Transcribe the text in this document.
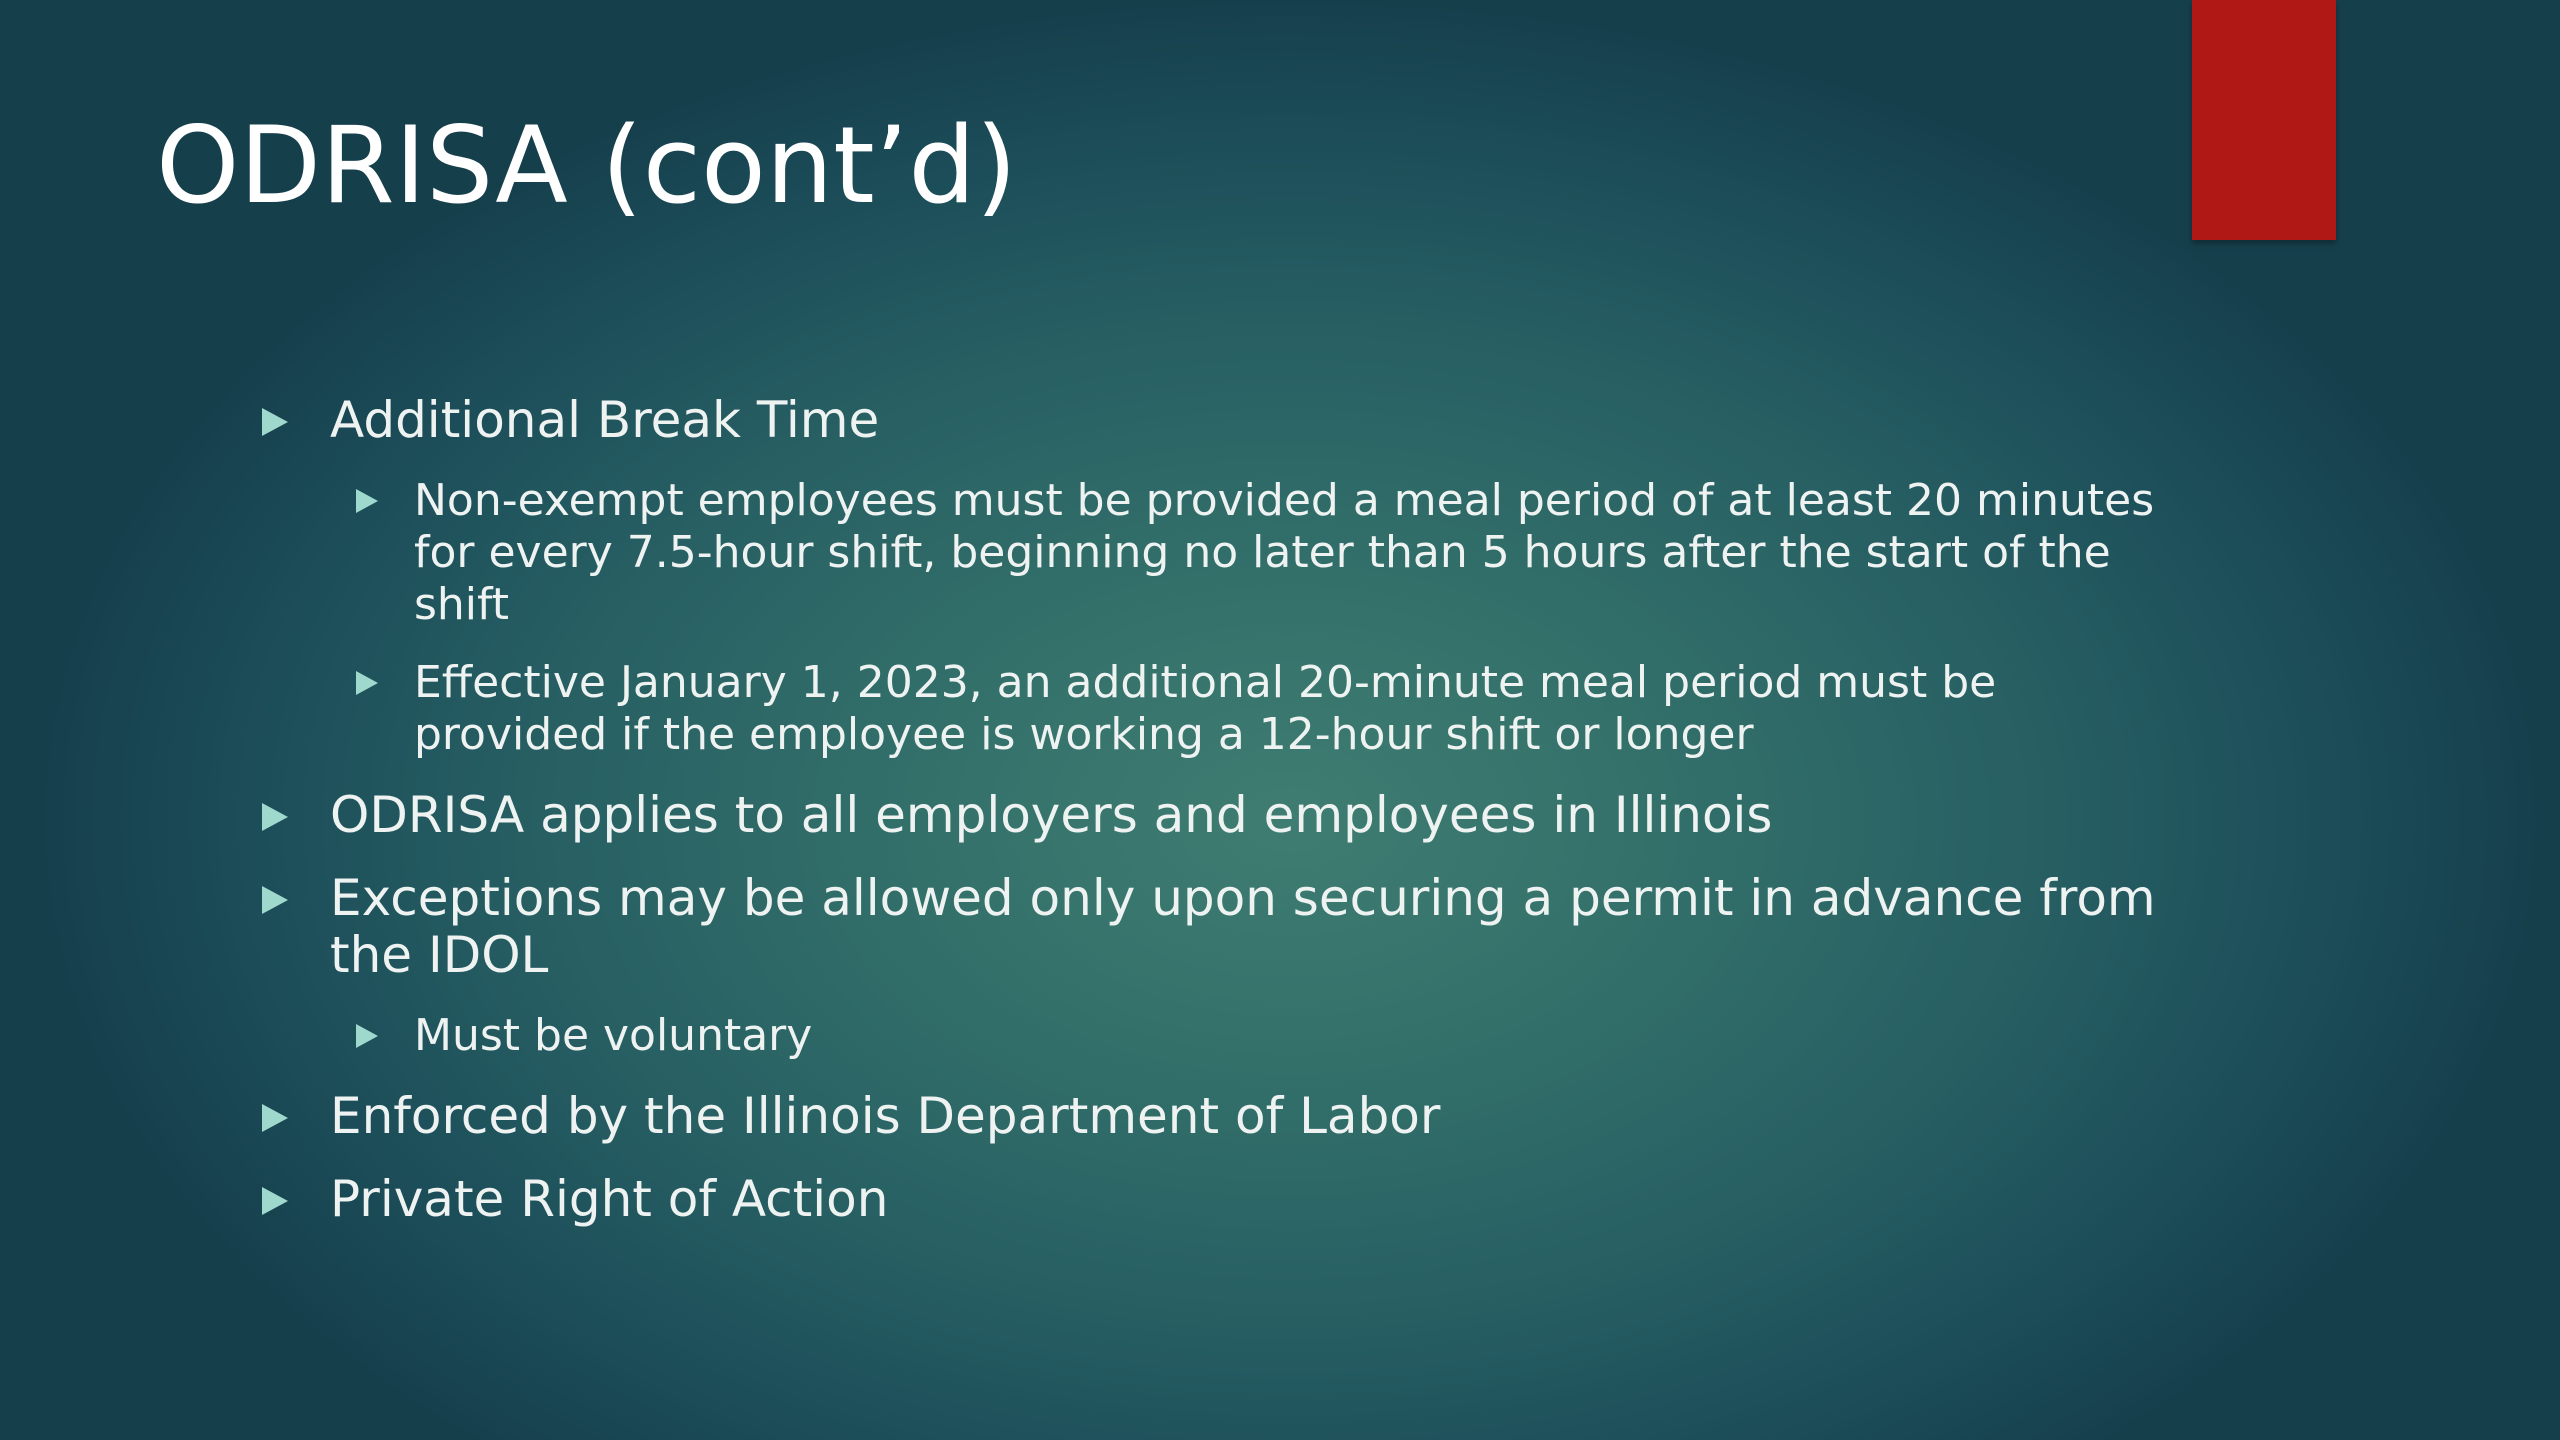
ODRISA (cont’d)
Additional Break Time
Non-exempt employees must be provided a meal period of at least 20 minutes for every 7.5-hour shift, beginning no later than 5 hours after the start of the shift
Effective January 1, 2023, an additional 20-minute meal period must be provided if the employee is working a 12-hour shift or longer
ODRISA applies to all employers and employees in Illinois
Exceptions may be allowed only upon securing a permit in advance from the IDOL
Must be voluntary
Enforced by the Illinois Department of Labor
Private Right of Action
